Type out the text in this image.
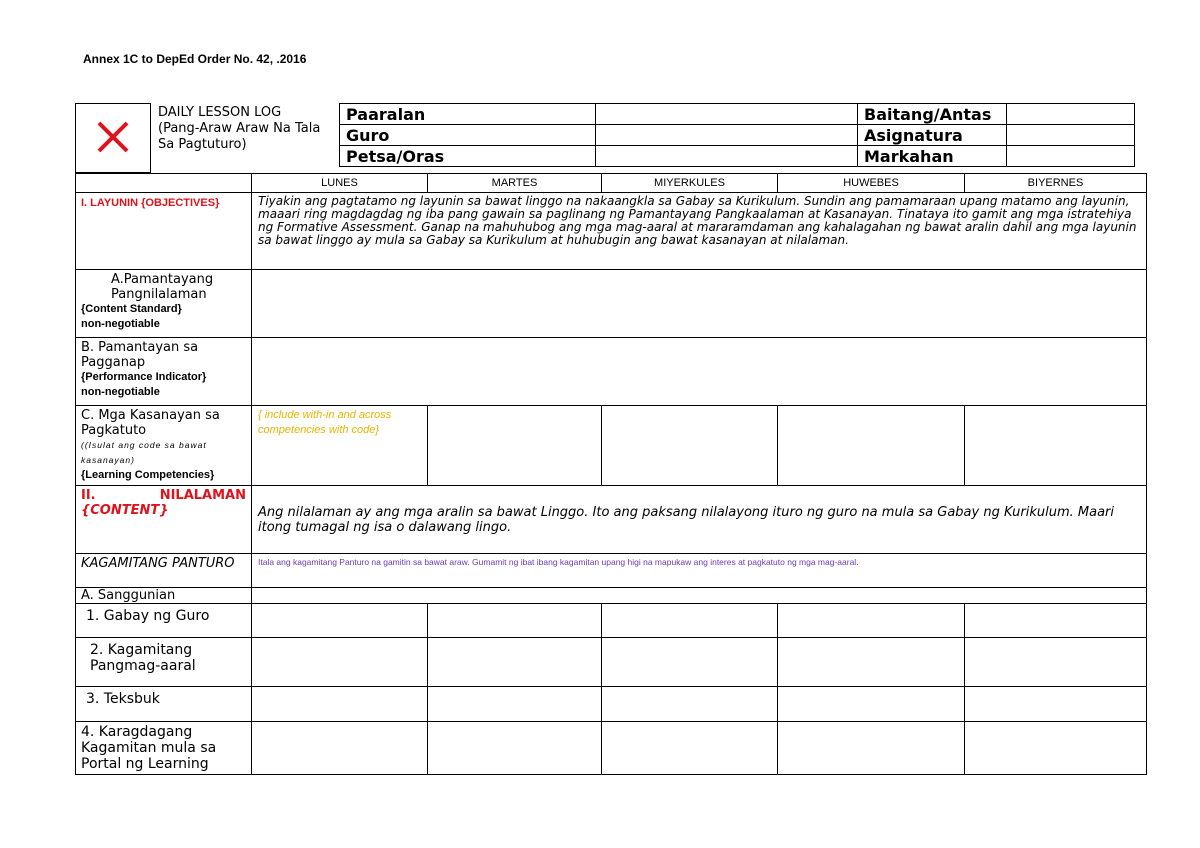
Annex 1C to DepEd Order No. 42, .2016
DAILY LESSON LOG (Pang-Araw Araw Na Tala Sa Pagtuturo)
Paaralan		Baitang/Antas	
Guro		Asignatura	
Petsa/Oras		Markahan	
	LUNES	MARTES	MIYERKULES	HUWEBES	BIYERNES
I. LAYUNIN {OBJECTIVES}	Tiyakin ang pagtatamo ng layunin sa bawat linggo na nakaangkla sa Gabay sa Kurikulum. Sundin ang pamamaraan upang matamo ang layunin, maaari ring magdagdag ng iba pang gawain sa paglinang ng Pamantayang Pangkaalaman at Kasanayan. Tinataya ito gamit ang mga istratehiya ng Formative Assessment. Ganap na mahuhubog ang mga mag-aaral at mararamdaman ang kahalagahan ng bawat aralin dahil ang mga layunin sa bawat linggo ay mula sa Gabay sa Kurikulum at huhubugin ang bawat kasanayan at nilalaman.				

A.Pamantayang Pangnilalaman
{Content Standard}
non-negotiable					

B. Pamantayan sa Pagganap
{Performance Indicator}
non-negotiable					

C. Mga Kasanayan sa Pagkatuto
((Isulat ang code sa bawat kasanayan)
{Learning Competencies}	{ include with-in and across competencies with code}				

II. NILALAMAN
{CONTENT}	Ang nilalaman ay ang mga aralin sa bawat Linggo. Ito ang paksang nilalayong ituro ng guro na mula sa Gabay ng Kurikulum. Maari itong tumagal ng isa o dalawang lingo.				
KAGAMITANG PANTURO	Itala ang kagamitang Panturo na gamitin sa bawat araw. Gumamit ng ibat ibang kagamitan upang higi na mapukaw ang interes at pagkatuto ng mga mag-aaral.				
A. Sanggunian					
1. Gabay ng Guro					
2. Kagamitang Pangmag-aaral					
3. Teksbuk					
4. Karagdagang Kagamitan mula sa Portal ng Learning					
